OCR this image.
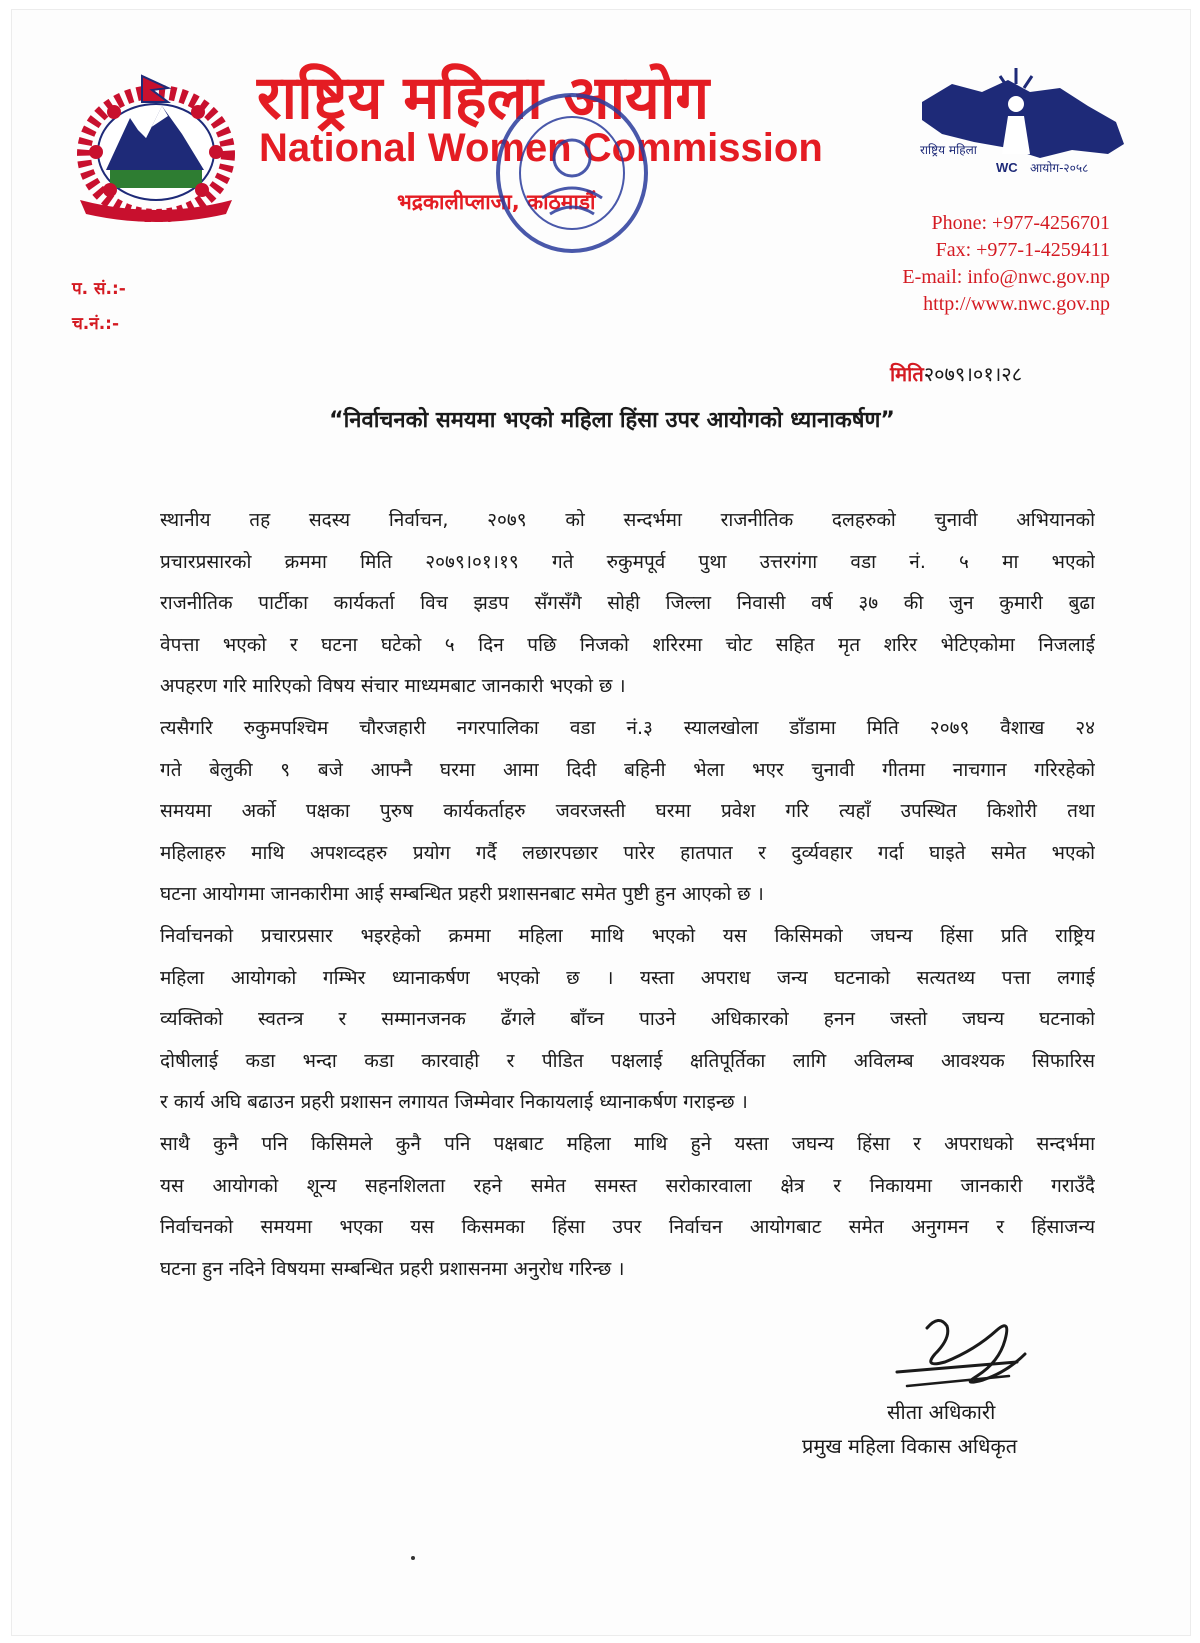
राष्ट्रिय महिला आयोग
National Women Commission
भद्रकालीप्लाजा, काठमाडौं
राष्ट्रिय महिला
WC आयोग-२०५८
Phone: +977-4256701
Fax: +977-1-4259411
E-mail: info@nwc.gov.np
http://www.nwc.gov.np
प. सं.:-
च.नं.:-
मिति२०७९।०१।२८
“निर्वाचनको समयमा भएको महिला हिंसा उपर आयोगको ध्यानाकर्षण”
स्थानीय तह सदस्य निर्वाचन, २०७९ को सन्दर्भमा राजनीतिक दलहरुको चुनावी अभियानको
प्रचारप्रसारको क्रममा मिति २०७९।०१।१९ गते रुकुमपूर्व पुथा उत्तरगंगा वडा नं. ५ मा भएको
राजनीतिक पार्टीका कार्यकर्ता विच झडप सँगसँगै सोही जिल्ला निवासी वर्ष ३७ की जुन कुमारी बुढा
वेपत्ता भएको र घटना घटेको ५ दिन पछि निजको शरिरमा चोट सहित मृत शरिर भेटिएकोमा निजलाई
अपहरण गरि मारिएको विषय संचार माध्यमबाट जानकारी भएको छ ।
त्यसैगरि रुकुमपश्चिम चौरजहारी नगरपालिका वडा नं.३ स्यालखोला डाँडामा मिति २०७९ वैशाख २४
गते बेलुकी ९ बजे आफ्नै घरमा आमा दिदी बहिनी भेला भएर चुनावी गीतमा नाचगान गरिरहेको
समयमा अर्को पक्षका पुरुष कार्यकर्ताहरु जवरजस्ती घरमा प्रवेश गरि त्यहाँ उपस्थित किशोरी तथा
महिलाहरु माथि अपशव्दहरु प्रयोग गर्दै लछारपछार पारेर हातपात र दुर्व्यवहार गर्दा घाइते समेत भएको
घटना आयोगमा जानकारीमा आई सम्बन्धित प्रहरी प्रशासनबाट समेत पुष्टी हुन आएको छ ।
निर्वाचनको प्रचारप्रसार भइरहेको क्रममा महिला माथि भएको यस किसिमको जघन्य हिंसा प्रति राष्ट्रिय
महिला आयोगको गम्भिर ध्यानाकर्षण भएको छ । यस्ता अपराध जन्य घटनाको सत्यतथ्य पत्ता लगाई
व्यक्तिको स्वतन्त्र र सम्मानजनक ढँगले बाँच्न पाउने अधिकारको हनन जस्तो जघन्य घटनाको
दोषीलाई कडा भन्दा कडा कारवाही र पीडित पक्षलाई क्षतिपूर्तिका लागि अविलम्ब आवश्यक सिफारिस
र कार्य अघि बढाउन प्रहरी प्रशासन लगायत जिम्मेवार निकायलाई ध्यानाकर्षण गराइन्छ ।
साथै कुनै पनि किसिमले कुनै पनि पक्षबाट महिला माथि हुने यस्ता जघन्य हिंसा र अपराधको सन्दर्भमा
यस आयोगको शून्य सहनशिलता रहने समेत समस्त सरोकारवाला क्षेत्र र निकायमा जानकारी गराउँदै
निर्वाचनको समयमा भएका यस किसमका हिंसा उपर निर्वाचन आयोगबाट समेत अनुगमन र हिंसाजन्य
घटना हुन नदिने विषयमा सम्बन्धित प्रहरी प्रशासनमा अनुरोध गरिन्छ ।
सीता अधिकारी
प्रमुख महिला विकास अधिकृत
